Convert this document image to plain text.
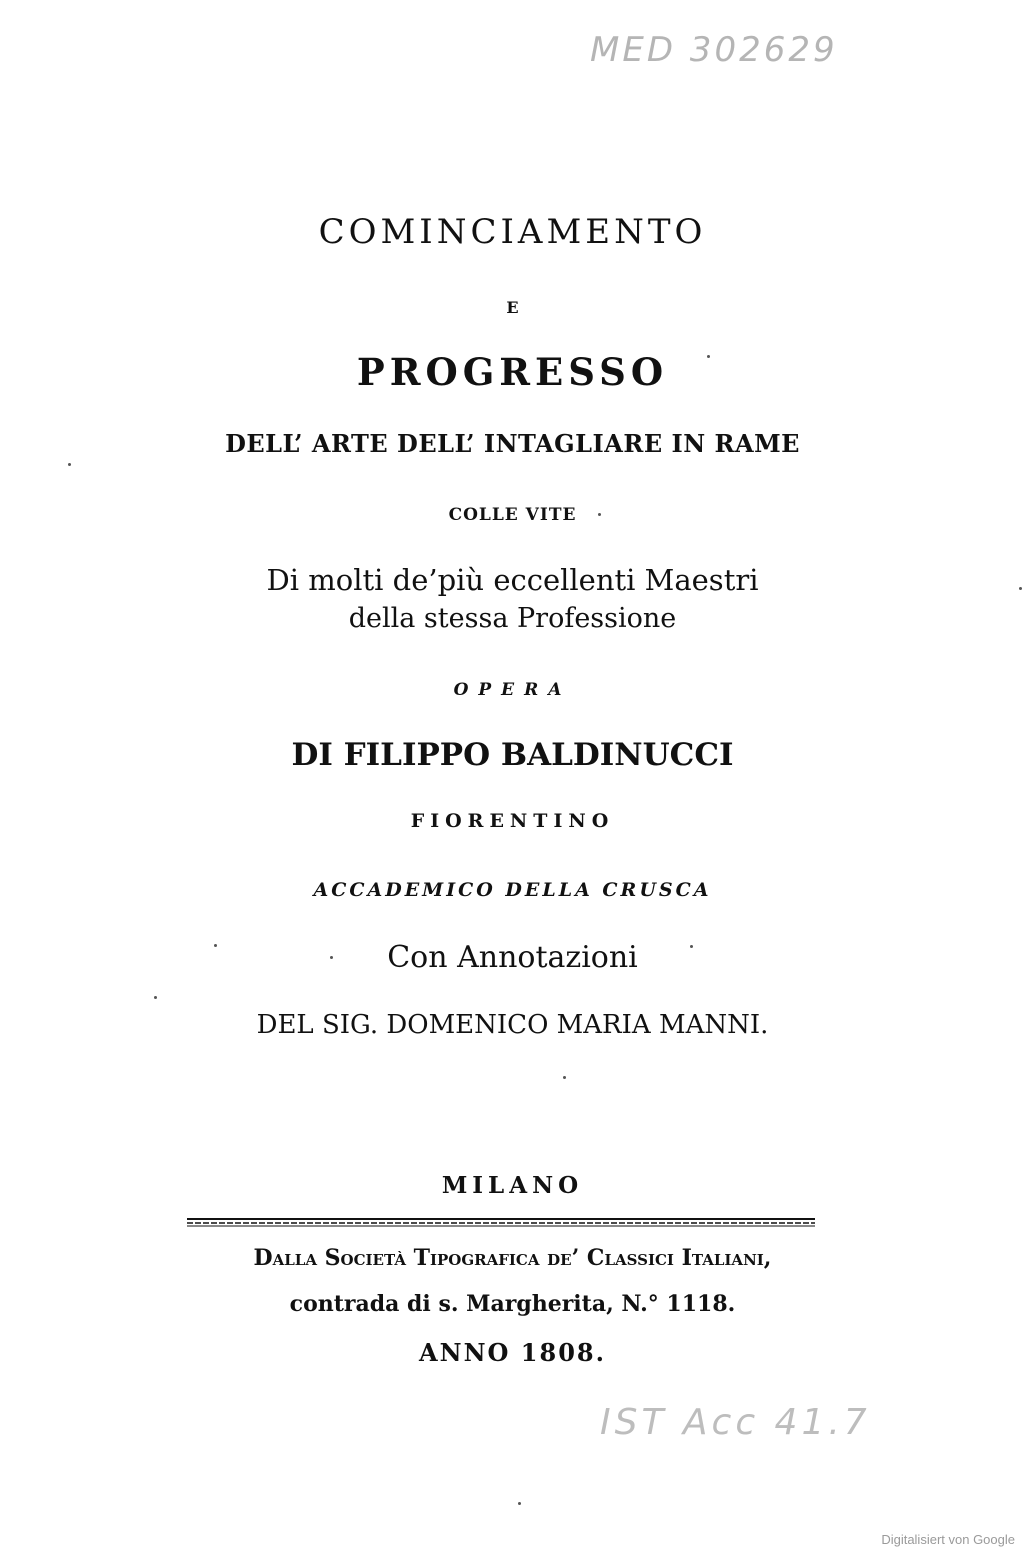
MED 302629
COMINCIAMENTO
E
PROGRESSO
DELL’ ARTE DELL’ INTAGLIARE IN RAME
COLLE VITE
Di molti de’più eccellenti Maestri
della stessa Professione
OPERA
DI FILIPPO BALDINUCCI
FIORENTINO
ACCADEMICO DELLA CRUSCA
Con Annotazioni
DEL SIG. DOMENICO MARIA MANNI.
MILANO
Dalla Società Tipografica de’ Classici Italiani,
contrada di s. Margherita, N.° 1118.
ANNO 1808.
IST Acc 41.7
Digitalisiert von Google
